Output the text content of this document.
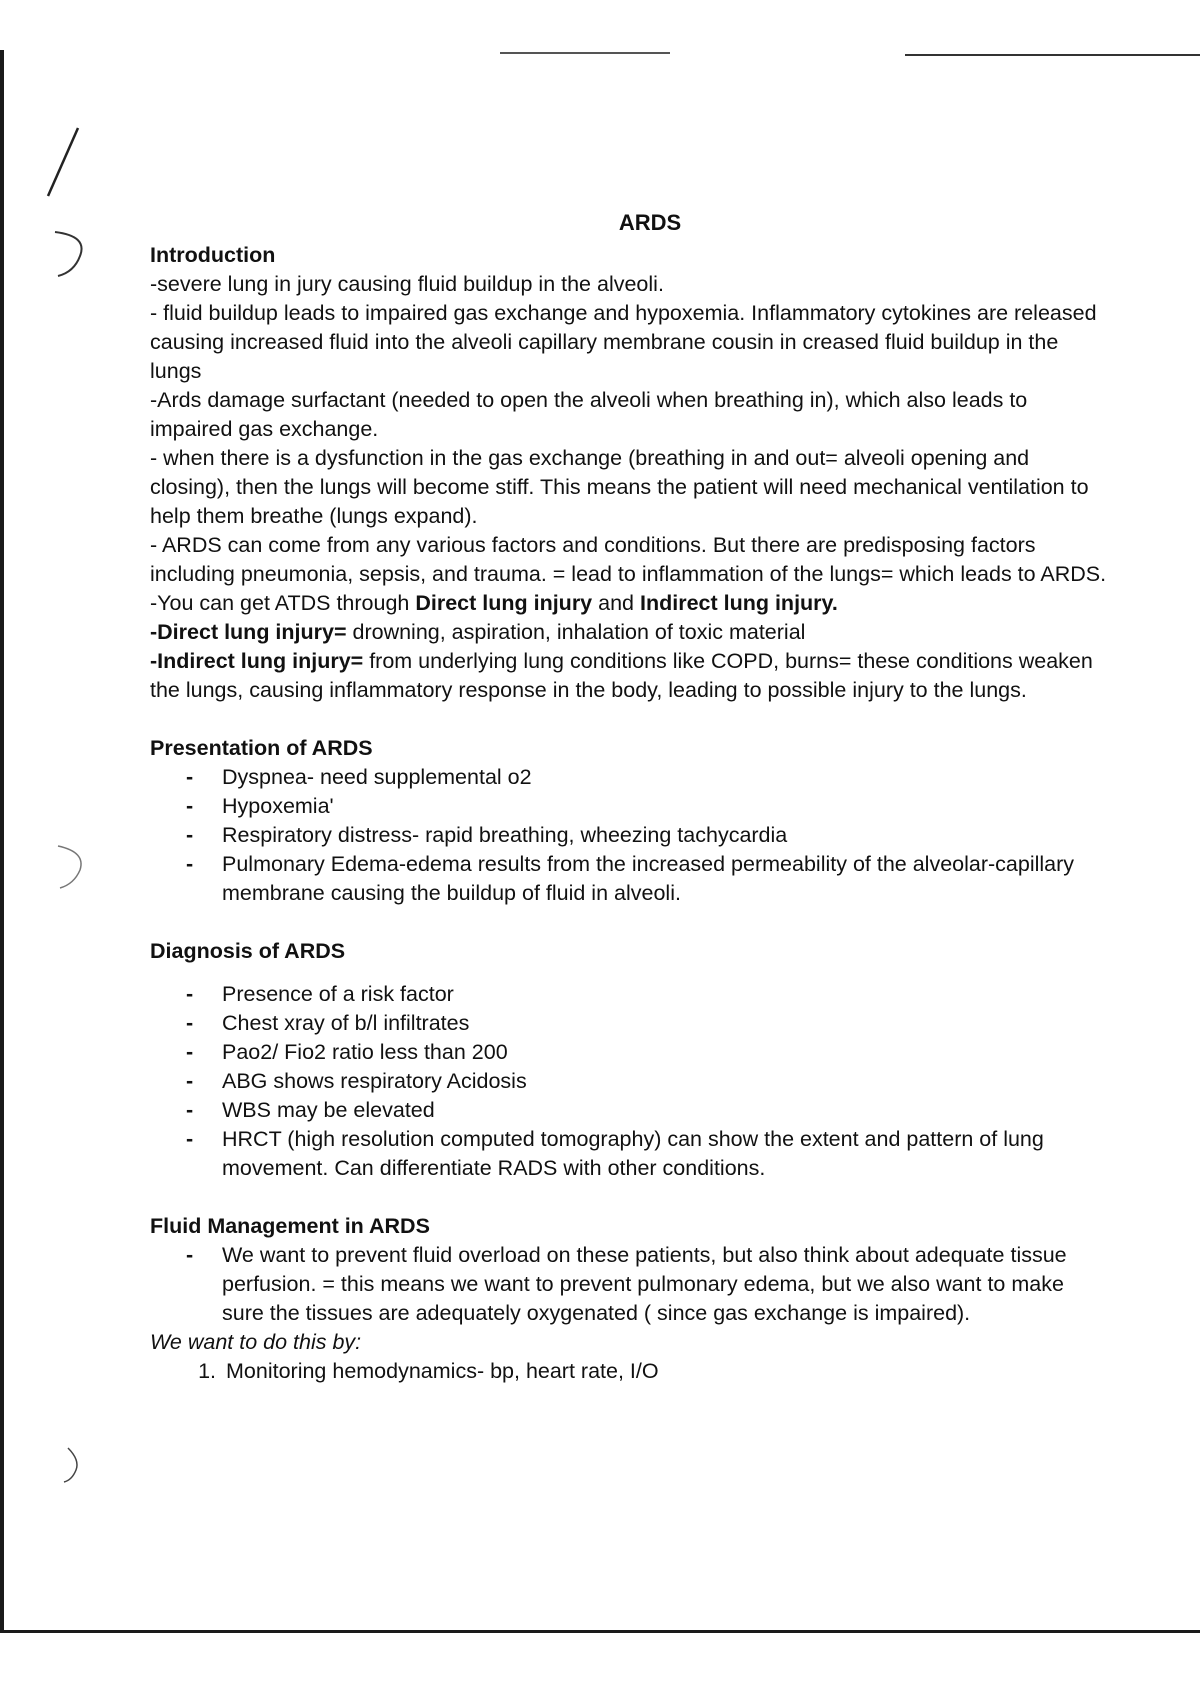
ARDS
Introduction

-severe lung in jury causing fluid buildup in the alveoli.

- fluid buildup leads to impaired gas exchange and hypoxemia. Inflammatory cytokines are released causing increased fluid into the alveoli capillary membrane cousin in creased fluid buildup in the lungs

-Ards damage surfactant (needed to open the alveoli when breathing in), which also leads to impaired gas exchange.

- when there is a dysfunction in the gas exchange (breathing in and out= alveoli opening and closing), then the lungs will become stiff. This means the patient will need mechanical ventilation to help them breathe (lungs expand).

- ARDS can come from any various factors and conditions. But there are predisposing factors including pneumonia, sepsis, and trauma. = lead to inflammation of the lungs= which leads to ARDS.

-You can get ATDS through Direct lung injury and Indirect lung injury.

-Direct lung injury= drowning, aspiration, inhalation of toxic material

-Indirect lung injury= from underlying lung conditions like COPD, burns= these conditions weaken the lungs, causing inflammatory response in the body, leading to possible injury to the lungs.

Presentation of ARDS
- Dyspnea- need supplemental o2
- Hypoxemia'
- Respiratory distress- rapid breathing, wheezing tachycardia
- Pulmonary Edema-edema results from the increased permeability of the alveolar-capillary membrane causing the buildup of fluid in alveoli.
Diagnosis of ARDS
- Presence of a risk factor
- Chest xray of b/l infiltrates
- Pao2/ Fio2 ratio less than 200
- ABG shows respiratory Acidosis
- WBS may be elevated
- HRCT (high resolution computed tomography) can show the extent and pattern of lung movement. Can differentiate RADS with other conditions.
Fluid Management in ARDS
- We want to prevent fluid overload on these patients, but also think about adequate tissue perfusion. = this means we want to prevent pulmonary edema, but we also want to make sure the tissues are adequately oxygenated ( since gas exchange is impaired).

We want to do this by:

1. Monitoring hemodynamics- bp, heart rate, I/O
